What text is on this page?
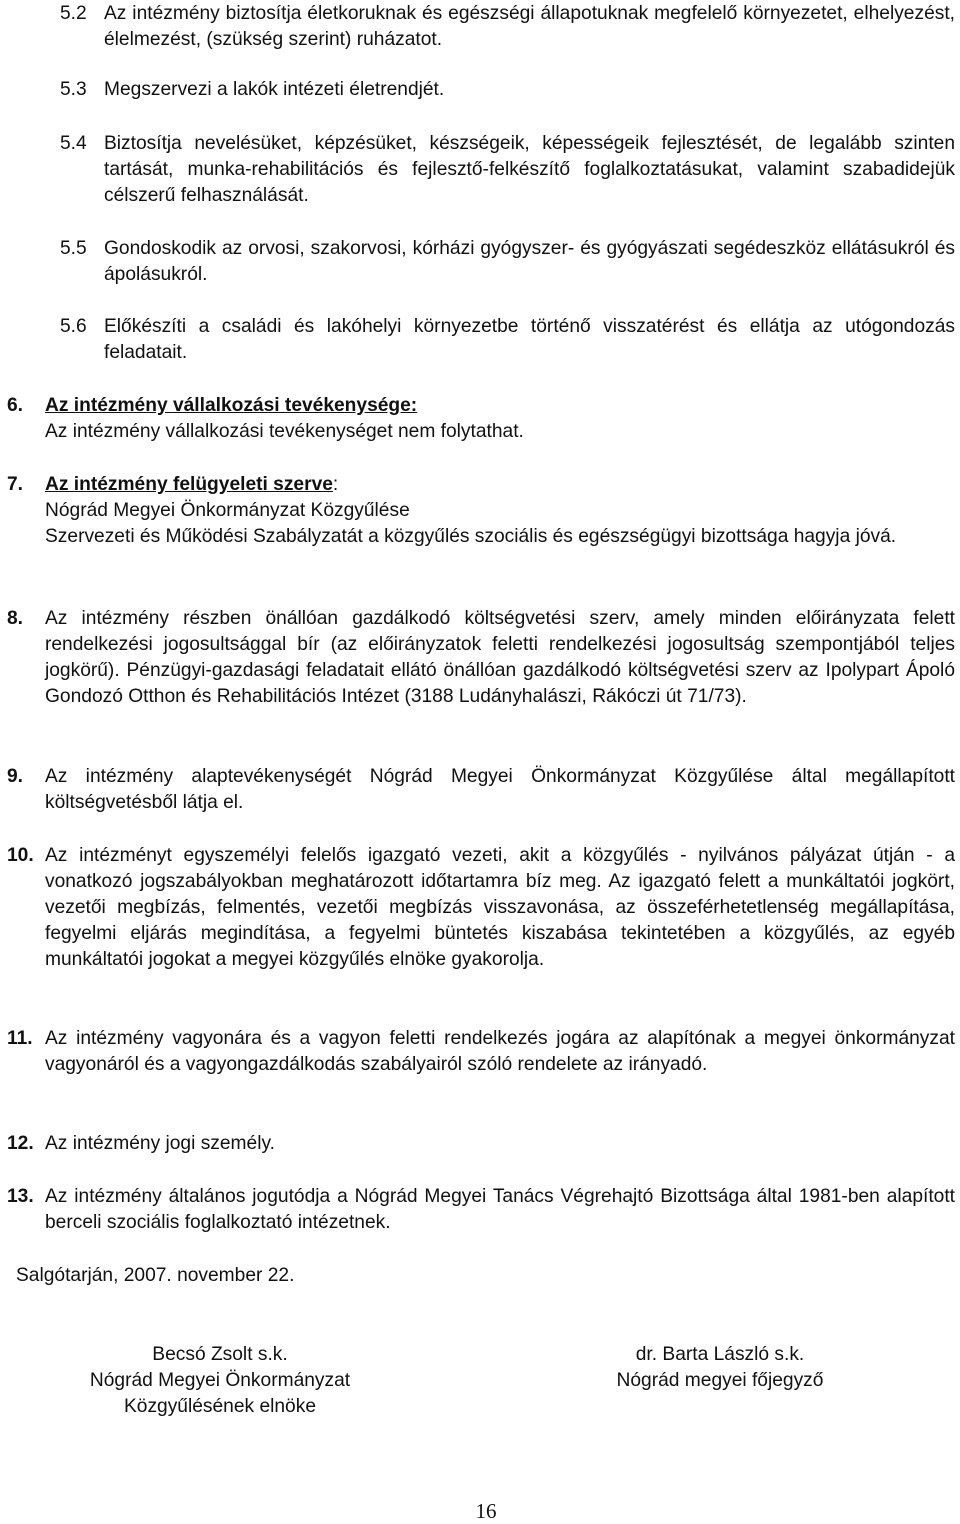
5.2 Az intézmény biztosítja életkoruknak és egészségi állapotuknak megfelelő környezetet, elhelyezést, élelmezést, (szükség szerint) ruházatot.
5.3 Megszervezi a lakók intézeti életrendjét.
5.4 Biztosítja nevelésüket, képzésüket, készségeik, képességeik fejlesztését, de legalább szinten tartását, munka-rehabilitációs és fejlesztő-felkészítő foglalkoztatásukat, valamint szabadidejük célszerű felhasználását.
5.5 Gondoskodik az orvosi, szakorvosi, kórházi gyógyszer- és gyógyászati segédeszköz ellátásukról és ápolásukról.
5.6 Előkészíti a családi és lakóhelyi környezetbe történő visszatérést és ellátja az utógondozás feladatait.
6. Az intézmény vállalkozási tevékenysége:
Az intézmény vállalkozási tevékenységet nem folytathat.
7. Az intézmény felügyeleti szerve:
Nógrád Megyei Önkormányzat Közgyűlése
Szervezeti és Működési Szabályzatát a közgyűlés szociális és egészségügyi bizottsága hagyja jóvá.
8. Az intézmény részben önállóan gazdálkodó költségvetési szerv, amely minden előirányzata felett rendelkezési jogosultsággal bír (az előirányzatok feletti rendelkezési jogosultság szempontjából teljes jogkörű). Pénzügyi-gazdasági feladatait ellátó önállóan gazdálkodó költségvetési szerv az Ipolypart Ápoló Gondozó Otthon és Rehabilitációs Intézet (3188 Ludányhalászi, Rákóczi út 71/73).
9. Az intézmény alaptevékenységét Nógrád Megyei Önkormányzat Közgyűlése által megállapított költségvetésből látja el.
10. Az intézményt egyszemélyi felelős igazgató vezeti, akit a közgyűlés - nyilvános pályázat útján - a vonatkozó jogszabályokban meghatározott időtartamra bíz meg. Az igazgató felett a munkáltatói jogkört, vezetői megbízás, felmentés, vezetői megbízás visszavonása, az összeférhetetlenség megállapítása, fegyelmi eljárás megindítása, a fegyelmi büntetés kiszabása tekintetében a közgyűlés, az egyéb munkáltatói jogokat a megyei közgyűlés elnöke gyakorolja.
11. Az intézmény vagyonára és a vagyon feletti rendelkezés jogára az alapítónak a megyei önkormányzat vagyonáról és a vagyongazdálkodás szabályairól szóló rendelete az irányadó.
12. Az intézmény jogi személy.
13. Az intézmény általános jogutódja a Nógrád Megyei Tanács Végrehajtó Bizottsága által 1981-ben alapított berceli szociális foglalkoztató intézetnek.
Salgótarján, 2007. november 22.
Becsó Zsolt s.k.
Nógrád Megyei Önkormányzat
Közgyűlésének elnöke
dr. Barta László s.k.
Nógrád megyei főjegyző
16
